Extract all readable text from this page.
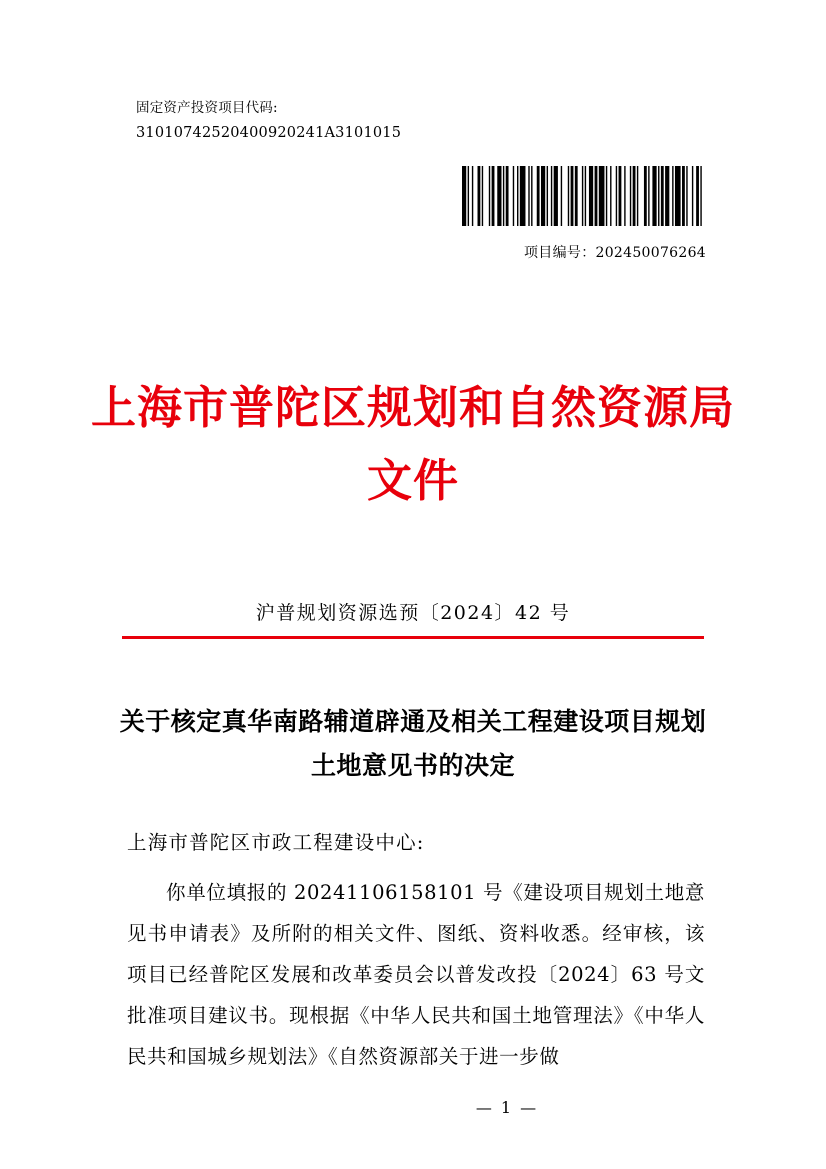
固定资产投资项目代码:
31010742520400920241A3101015
项目编号：202450076264
上海市普陀区规划和自然资源局
文件
沪普规划资源选预〔2024〕42 号
关于核定真华南路辅道辟通及相关工程建设项目规划土地意见书的决定
上海市普陀区市政工程建设中心:

你单位填报的 20241106158101 号《建设项目规划土地意见书申请表》及所附的相关文件、图纸、资料收悉。经审核，该项目已经普陀区发展和改革委员会以普发改投〔2024〕63 号文批准项目建议书。现根据《中华人民共和国土地管理法》《中华人民共和国城乡规划法》《自然资源部关于进一步做

— 1 —
